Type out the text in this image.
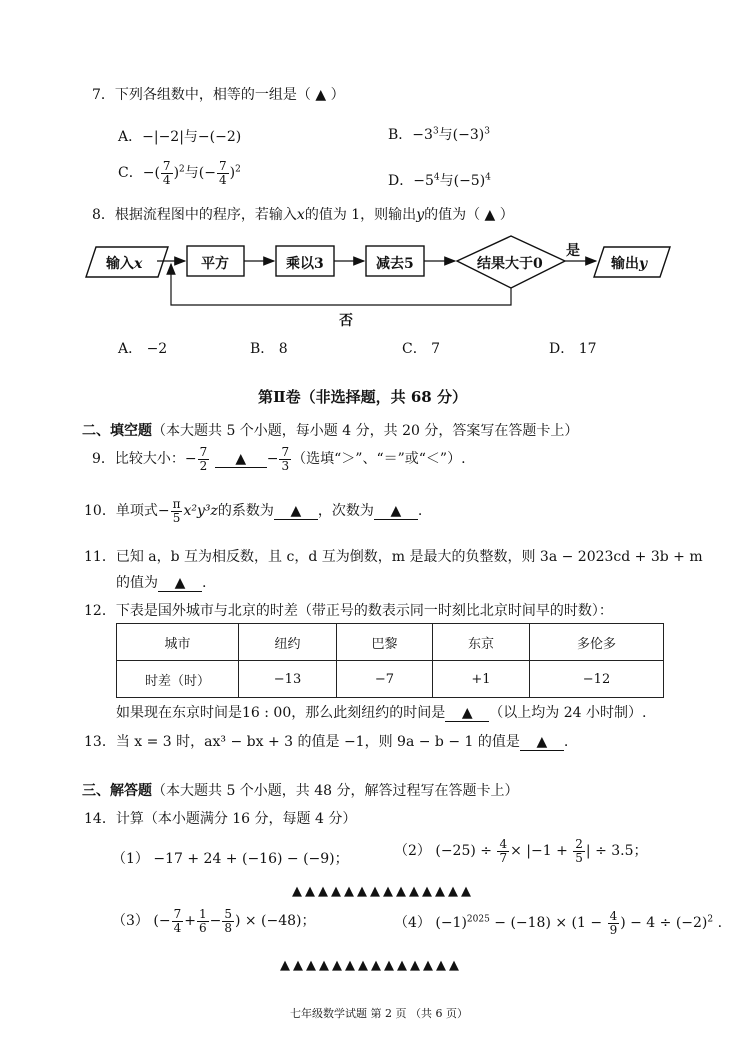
7．下列各组数中，相等的一组是（ ▲ ）
A．−|−2|与−(−2)	B．$-3^3$与$(-3)^3$
C．−( $\frac{7}{4} )^2$与(− $\frac{7}{4} )^2$
D．$-5^4$与$(-5)^4$
8．根据流程图中的程序，若输入x的值为 1，则输出y的值为（ ▲ ）
输入x	平方	乘以3	减去5	结果大于0
是
输出y
否
A． −2	B． 8	C． 7	D． 17
第Ⅱ卷（非选择题，共 68 分）
二、填空题（本大题共 5 个小题，每小题 4 分，共 20 分，答案写在答题卡上）
9．比较大小：− $\frac{7}{2}$ ▲ − $\frac{7}{3}$ （选填“＞”、“＝”或“＜”）.
10．单项式− $\frac{\pi}{5} x^2y^3z$的系数为 ▲ ，次数为 ▲ .
11．已知 a，b 互为相反数，且 c，d 互为倒数，m 是最大的负整数，则 3a − 2023cd + 3b + m
的值为 ▲ .
12．下表是国外城市与北京的时差（带正号的数表示同一时刻比北京时间早的时数）：
城市	纽约	巴黎	东京	多伦多
时差（时）	−13	−7	+1	−12
如果现在东京时间是16 : 00，那么此刻纽约的时间是 ▲ （以上均为 24 小时制）.
13．当 x = 3 时，ax³ − bx + 3 的值是 −1，则 9a − b − 1 的值是 ▲ .
三、解答题（本大题共 5 个小题，共 48 分，解答过程写在答题卡上）
14．计算（本小题满分 16 分，每题 4 分）
（1） −17 + 24 + (−16) − (−9)；	（2） $(-25) \div \frac{4}{7} \times |-1 + \frac{2}{5}$ | ÷ 3.5；
▲▲▲▲▲▲▲▲▲▲▲▲▲▲
（3） (− $\frac{7}{4} + \frac{1}{6} - \frac{5}{8}$ ) × (−48)；	（4） $(-1)^{2025} - (-18) \times (1 - \frac{4}{9}$ ) − $4 \div (-2)^2$ .
▲▲▲▲▲▲▲▲▲▲▲▲▲▲
七年级数学试题 第 2 页 （共 6 页）
